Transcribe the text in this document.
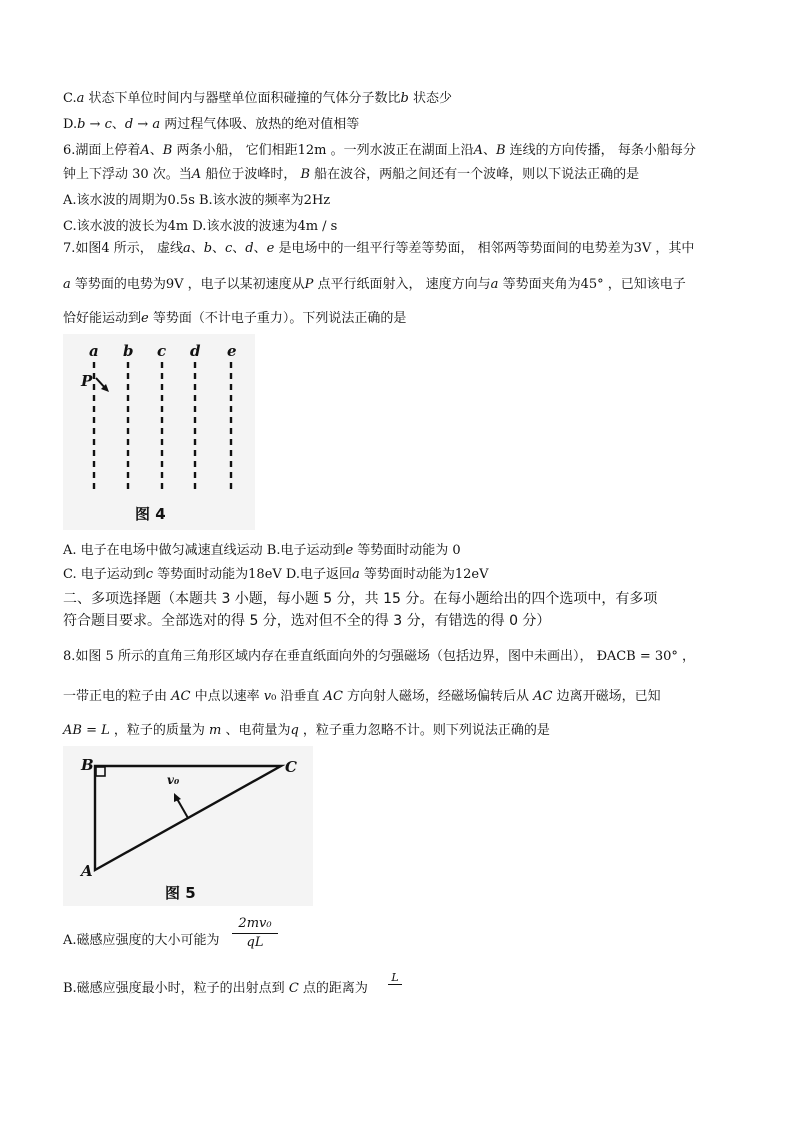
C.𝑎 状态下单位时间内与器壁单位面积碰撞的气体分子数比𝑏 状态少
D.𝑏 → 𝑐、𝑑 → 𝑎 两过程气体吸、放热的绝对值相等
6.湖面上停着𝐴、𝐵 两条小船， 它们相距12m 。一列水波正在湖面上沿𝐴、𝐵 连线的方向传播， 每条小船每分
钟上下浮动 30 次。当𝐴 船位于波峰时， 𝐵 船在波谷，两船之间还有一个波峰，则以下说法正确的是
A.该水波的周期为0.5s B.该水波的频率为2Hz
C.该水波的波长为4m D.该水波的波速为4m / s
7.如图4 所示， 虚线𝑎、𝑏、𝑐、𝑑、𝑒 是电场中的一组平行等差等势面， 相邻两等势面间的电势差为3V ，其中
𝑎 等势面的电势为9V ，电子以某初速度从𝑃 点平行纸面射入， 速度方向与𝑎 等势面夹角为45° ，已知该电子
恰好能运动到𝑒 等势面（不计电子重力）。下列说法正确的是
A. 电子在电场中做匀减速直线运动 B.电子运动到𝑒 等势面时动能为 0
C. 电子运动到𝑐 等势面时动能为18eV D.电子返回𝑎 等势面时动能为12eV
二、多项选择题（本题共 3 小题，每小题 5 分，共 15 分。在每小题给出的四个选项中，有多项
符合题目要求。全部选对的得 5 分，选对但不全的得 3 分，有错选的得 0 分）
8.如图 5 所示的直角三角形区域内存在垂直纸面向外的匀强磁场（包括边界，图中未画出）， ÐACB = 30° ，
一带正电的粒子由 𝐴𝐶 中点以速率 𝑣₀ 沿垂直 𝐴𝐶 方向射人磁场，经磁场偏转后从 𝐴𝐶 边离开磁场，已知
𝐴𝐵 = 𝐿 ，粒子的质量为 𝑚 、电荷量为𝑞 ，粒子重力忽略不计。则下列说法正确的是
A.磁感应强度的大小可能为
B.磁感应强度最小时，粒子的出射点到 𝐶 点的距离为
a b c d e
P
图 4
B	C
A
v₀
图 5
2𝑚𝑣₀
𝑞𝐿
𝐿
